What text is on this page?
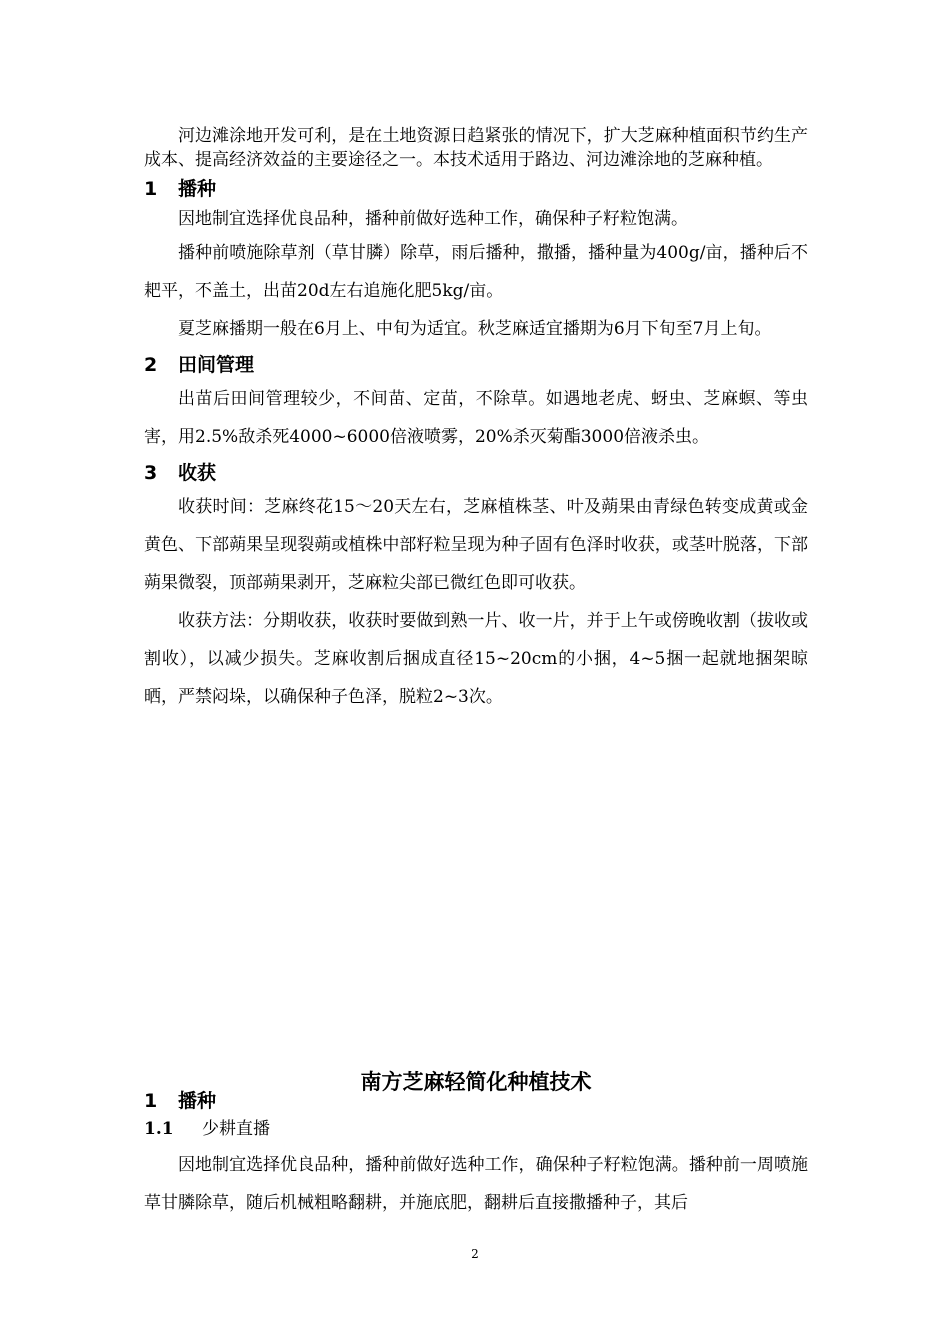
河边滩涂地开发可利，是在土地资源日趋紧张的情况下，扩大芝麻种植面积节约生产成本、提高经济效益的主要途径之一。本技术适用于路边、河边滩涂地的芝麻种植。

1 播种

因地制宜选择优良品种，播种前做好选种工作，确保种子籽粒饱满。

播种前喷施除草剂（草甘膦）除草，雨后播种，撒播，播种量为400g/亩，播种后不耙平，不盖土，出苗20d左右追施化肥5kg/亩。

夏芝麻播期一般在6月上、中旬为适宜。秋芝麻适宜播期为6月下旬至7月上旬。

2 田间管理

出苗后田间管理较少，不间苗、定苗，不除草。如遇地老虎、蚜虫、芝麻螟、等虫害，用2.5%敌杀死4000~6000倍液喷雾，20%杀灭菊酯3000倍液杀虫。

3 收获

收获时间：芝麻终花15～20天左右，芝麻植株茎、叶及蒴果由青绿色转变成黄或金黄色、下部蒴果呈现裂蒴或植株中部籽粒呈现为种子固有色泽时收获，或茎叶脱落，下部蒴果微裂，顶部蒴果剥开，芝麻粒尖部已微红色即可收获。

收获方法：分期收获，收获时要做到熟一片、收一片，并于上午或傍晚收割（拔收或割收），以减少损失。芝麻收割后捆成直径15~20cm的小捆，4~5捆一起就地捆架晾晒，严禁闷垛，以确保种子色泽，脱粒2~3次。

南方芝麻轻简化种植技术
1 播种
1.1 少耕直播

因地制宜选择优良品种，播种前做好选种工作，确保种子籽粒饱满。播种前一周喷施草甘膦除草，随后机械粗略翻耕，并施底肥，翻耕后直接撒播种子，其后

2
